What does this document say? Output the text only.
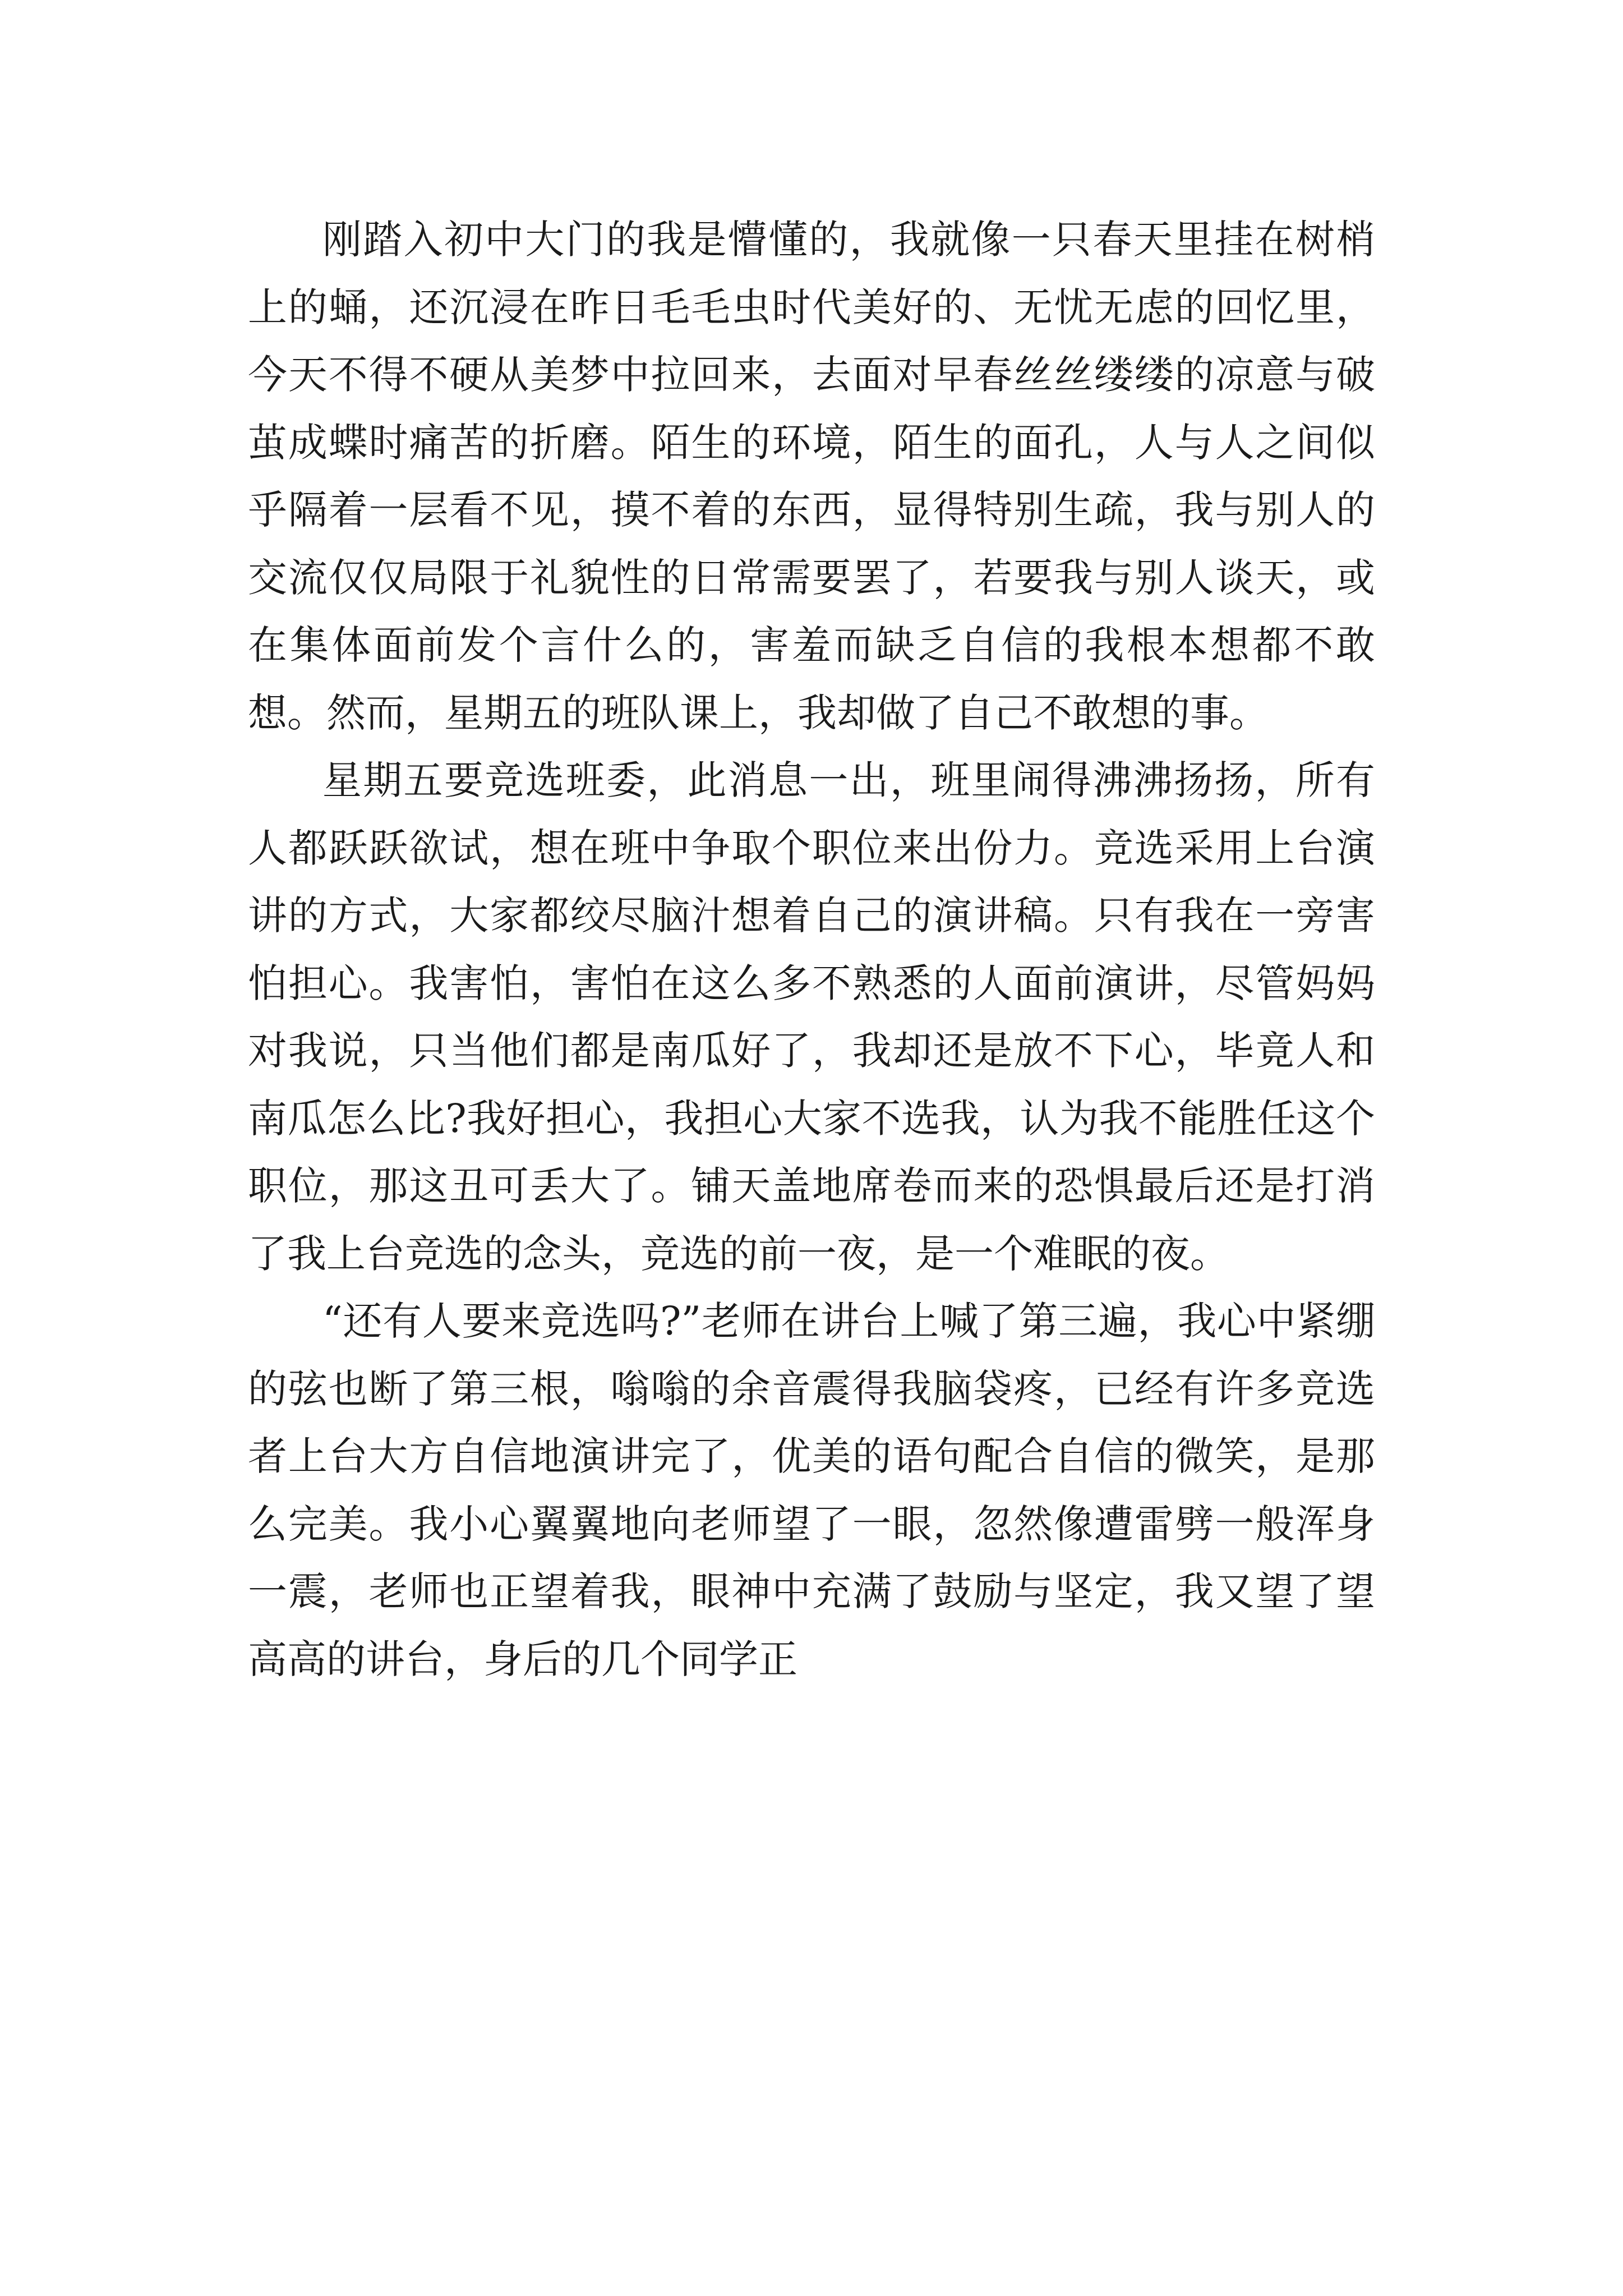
刚踏入初中大门的我是懵懂的，我就像一只春天里挂在树梢上的蛹，还沉浸在昨日毛毛虫时代美好的、无忧无虑的回忆里，今天不得不硬从美梦中拉回来，去面对早春丝丝缕缕的凉意与破茧成蝶时痛苦的折磨。陌生的环境，陌生的面孔，人与人之间似乎隔着一层看不见，摸不着的东西，显得特别生疏，我与别人的交流仅仅局限于礼貌性的日常需要罢了，若要我与别人谈天，或在集体面前发个言什么的，害羞而缺乏自信的我根本想都不敢想。然而，星期五的班队课上，我却做了自己不敢想的事。

星期五要竞选班委，此消息一出，班里闹得沸沸扬扬，所有人都跃跃欲试，想在班中争取个职位来出份力。竞选采用上台演讲的方式，大家都绞尽脑汁想着自己的演讲稿。只有我在一旁害怕担心。我害怕，害怕在这么多不熟悉的人面前演讲，尽管妈妈对我说，只当他们都是南瓜好了，我却还是放不下心，毕竟人和南瓜怎么比?我好担心，我担心大家不选我，认为我不能胜任这个职位，那这丑可丢大了。铺天盖地席卷而来的恐惧最后还是打消了我上台竞选的念头，竞选的前一夜，是一个难眠的夜。

“还有人要来竞选吗?”老师在讲台上喊了第三遍，我心中紧绷的弦也断了第三根，嗡嗡的余音震得我脑袋疼，已经有许多竞选者上台大方自信地演讲完了，优美的语句配合自信的微笑，是那么完美。我小心翼翼地向老师望了一眼，忽然像遭雷劈一般浑身一震，老师也正望着我，眼神中充满了鼓励与坚定，我又望了望高高的讲台，身后的几个同学正
